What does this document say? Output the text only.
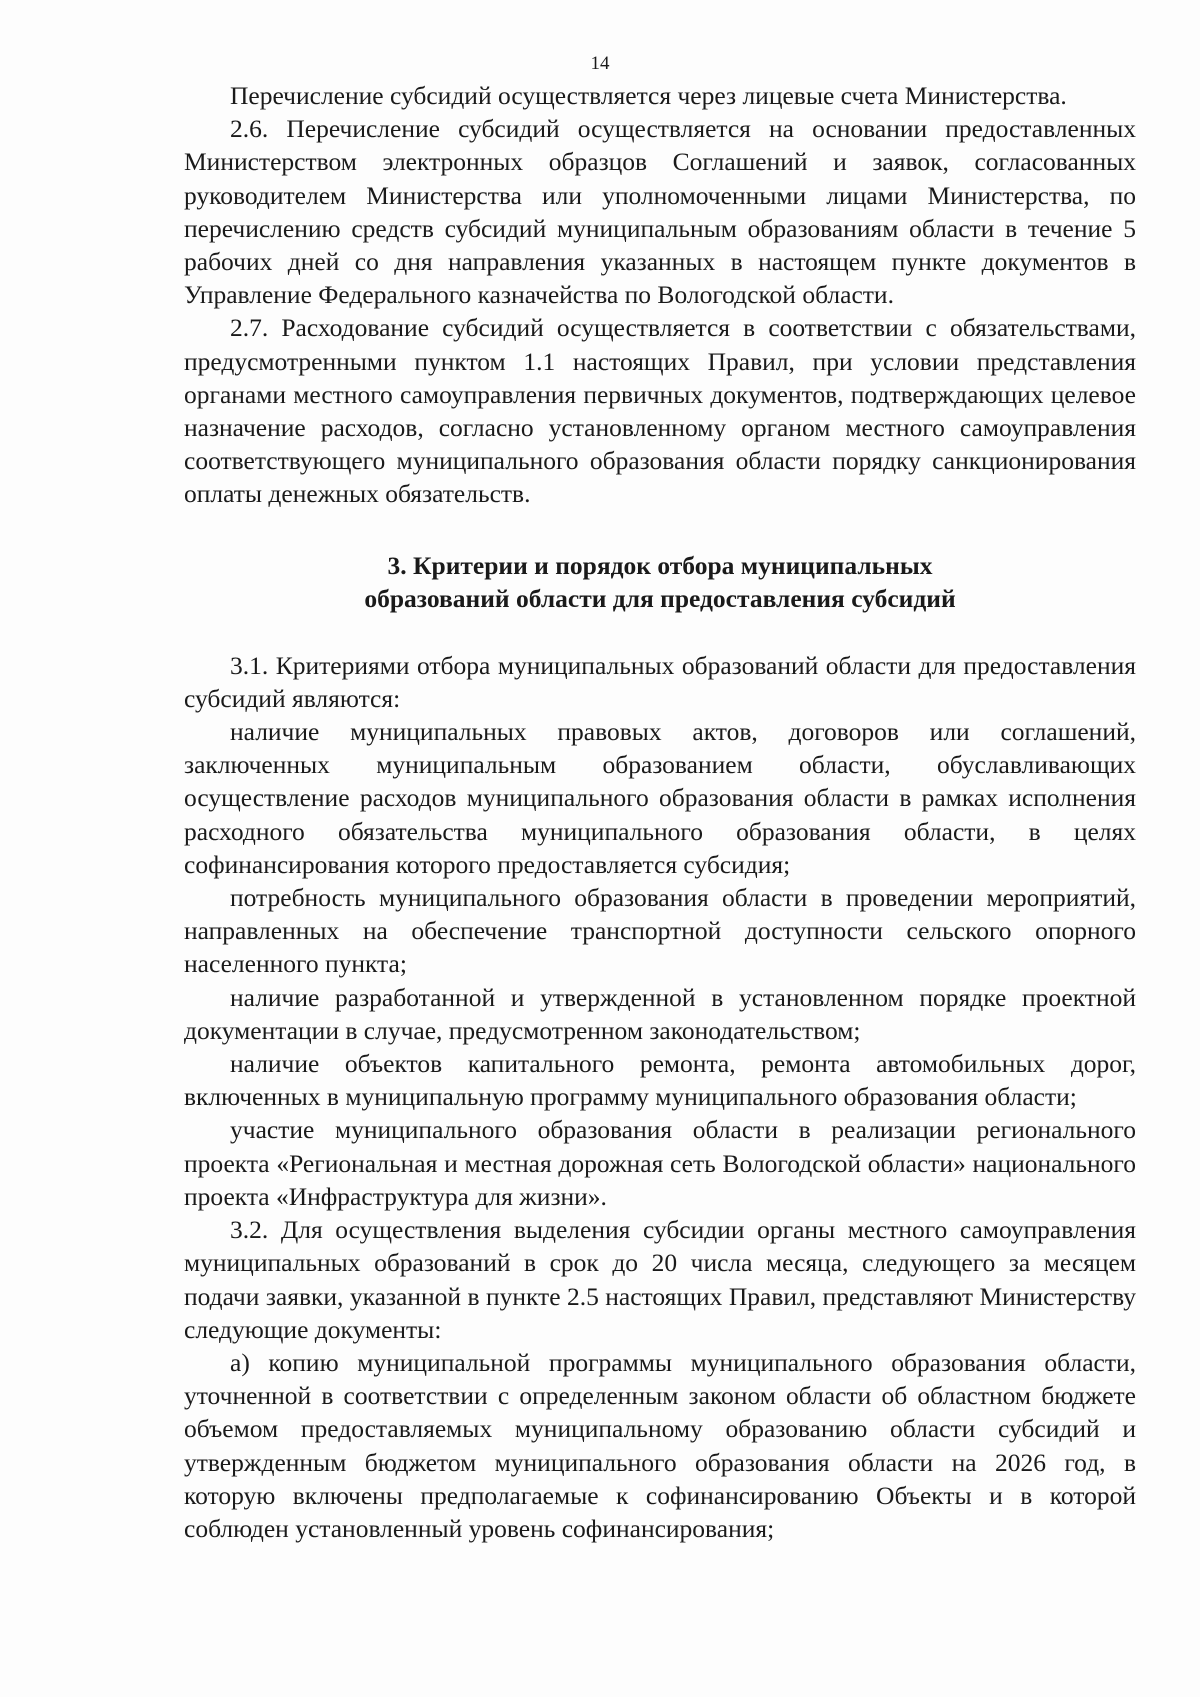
14

Перечисление субсидий осуществляется через лицевые счета Министерства.

2.6. Перечисление субсидий осуществляется на основании предоставленных Министерством электронных образцов Соглашений и заявок, согласованных руководителем Министерства или уполномоченными лицами Министерства, по перечислению средств субсидий муниципальным образованиям области в течение 5 рабочих дней со дня направления указанных в настоящем пункте документов в Управление Федерального казначейства по Вологодской области.

2.7. Расходование субсидий осуществляется в соответствии с обязательствами, предусмотренными пунктом 1.1 настоящих Правил, при условии представления органами местного самоуправления первичных документов, подтверждающих целевое назначение расходов, согласно установленному органом местного самоуправления соответствующего муниципального образования области порядку санкционирования оплаты денежных обязательств.

3. Критерии и порядок отбора муниципальных
образований области для предоставления субсидий

3.1. Критериями отбора муниципальных образований области для предоставления субсидий являются:

наличие муниципальных правовых актов, договоров или соглашений, заключенных муниципальным образованием области, обуславливающих осуществление расходов муниципального образования области в рамках исполнения расходного обязательства муниципального образования области, в целях софинансирования которого предоставляется субсидия;

потребность муниципального образования области в проведении мероприятий, направленных на обеспечение транспортной доступности сельского опорного населенного пункта;

наличие разработанной и утвержденной в установленном порядке проектной документации в случае, предусмотренном законодательством;

наличие объектов капитального ремонта, ремонта автомобильных дорог, включенных в муниципальную программу муниципального образования области;

участие муниципального образования области в реализации регионального проекта «Региональная и местная дорожная сеть Вологодской области» национального проекта «Инфраструктура для жизни».

3.2. Для осуществления выделения субсидии органы местного самоуправления муниципальных образований в срок до 20 числа месяца, следующего за месяцем подачи заявки, указанной в пункте 2.5 настоящих Правил, представляют Министерству следующие документы:

а) копию муниципальной программы муниципального образования области, уточненной в соответствии с определенным законом области об областном бюджете объемом предоставляемых муниципальному образованию области субсидий и утвержденным бюджетом муниципального образования области на 2026 год, в которую включены предполагаемые к софинансированию Объекты и в которой соблюден установленный уровень софинансирования;
